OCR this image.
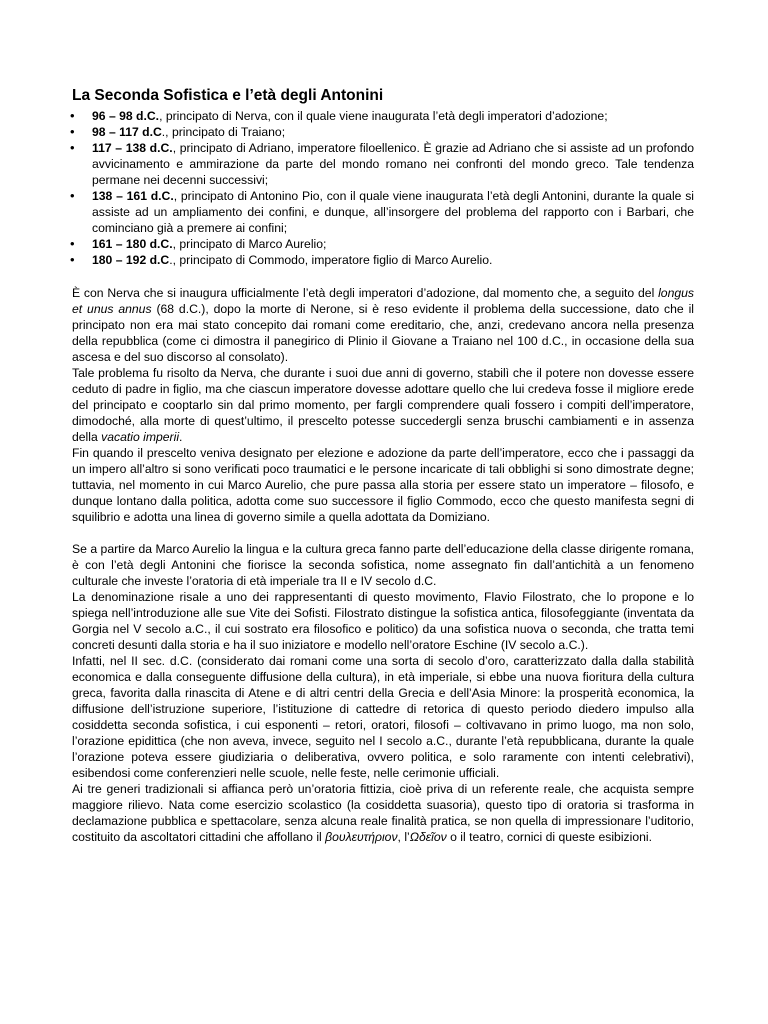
La Seconda Sofistica e l’età degli Antonini
• 96 – 98 d.C., principato di Nerva, con il quale viene inaugurata l’età degli imperatori d’adozione;
• 98 – 117 d.C., principato di Traiano;
• 117 – 138 d.C., principato di Adriano, imperatore filoellenico. È grazie ad Adriano che si assiste ad un profondo avvicinamento e ammirazione da parte del mondo romano nei confronti del mondo greco. Tale tendenza permane nei decenni successivi;
• 138 – 161 d.C., principato di Antonino Pio, con il quale viene inaugurata l’età degli Antonini, durante la quale si assiste ad un ampliamento dei confini, e dunque, all’insorgere del problema del rapporto con i Barbari, che cominciano già a premere ai confini;
• 161 – 180 d.C., principato di Marco Aurelio;
• 180 – 192 d.C., principato di Commodo, imperatore figlio di Marco Aurelio.

È con Nerva che si inaugura ufficialmente l’età degli imperatori d’adozione, dal momento che, a seguito del longus et unus annus (68 d.C.), dopo la morte di Nerone, si è reso evidente il problema della successione, dato che il principato non era mai stato concepito dai romani come ereditario, che, anzi, credevano ancora nella presenza della repubblica (come ci dimostra il panegirico di Plinio il Giovane a Traiano nel 100 d.C., in occasione della sua ascesa e del suo discorso al consolato).

Tale problema fu risolto da Nerva, che durante i suoi due anni di governo, stabilì che il potere non dovesse essere ceduto di padre in figlio, ma che ciascun imperatore dovesse adottare quello che lui credeva fosse il migliore erede del principato e cooptarlo sin dal primo momento, per fargli comprendere quali fossero i compiti dell’imperatore, dimodoché, alla morte di quest’ultimo, il prescelto potesse succedergli senza bruschi cambiamenti e in assenza della vacatio imperii.

Fin quando il prescelto veniva designato per elezione e adozione da parte dell’imperatore, ecco che i passaggi da un impero all’altro si sono verificati poco traumatici e le persone incaricate di tali obblighi si sono dimostrate degne; tuttavia, nel momento in cui Marco Aurelio, che pure passa alla storia per essere stato un imperatore – filosofo, e dunque lontano dalla politica, adotta come suo successore il figlio Commodo, ecco che questo manifesta segni di squilibrio e adotta una linea di governo simile a quella adottata da Domiziano.

Se a partire da Marco Aurelio la lingua e la cultura greca fanno parte dell’educazione della classe dirigente romana, è con l’età degli Antonini che fiorisce la seconda sofistica, nome assegnato fin dall’antichità a un fenomeno culturale che investe l’oratoria di età imperiale tra II e IV secolo d.C.

La denominazione risale a uno dei rappresentanti di questo movimento, Flavio Filostrato, che lo propone e lo spiega nell’introduzione alle sue Vite dei Sofisti. Filostrato distingue la sofistica antica, filosofeggiante (inventata da Gorgia nel V secolo a.C., il cui sostrato era filosofico e politico) da una sofistica nuova o seconda, che tratta temi concreti desunti dalla storia e ha il suo iniziatore e modello nell’oratore Eschine (IV secolo a.C.).

Infatti, nel II sec. d.C. (considerato dai romani come una sorta di secolo d’oro, caratterizzato dalla dalla stabilità economica e dalla conseguente diffusione della cultura), in età imperiale, si ebbe una nuova fioritura della cultura greca, favorita dalla rinascita di Atene e di altri centri della Grecia e dell’Asia Minore: la prosperità economica, la diffusione dell’istruzione superiore, l’istituzione di cattedre di retorica di questo periodo diedero impulso alla cosiddetta seconda sofistica, i cui esponenti – retori, oratori, filosofi – coltivavano in primo luogo, ma non solo, l’orazione epidittica (che non aveva, invece, seguito nel I secolo a.C., durante l’età repubblicana, durante la quale l’orazione poteva essere giudiziaria o deliberativa, ovvero politica, e solo raramente con intenti celebrativi), esibendosi come conferenzieri nelle scuole, nelle feste, nelle cerimonie ufficiali.

Ai tre generi tradizionali si affianca però un’oratoria fittizia, cioè priva di un referente reale, che acquista sempre maggiore rilievo. Nata come esercizio scolastico (la cosiddetta suasoria), questo tipo di oratoria si trasforma in declamazione pubblica e spettacolare, senza alcuna reale finalità pratica, se non quella di impressionare l’uditorio, costituito da ascoltatori cittadini che affollano il βουλευτήριον, l’Ωδεῖον o il teatro, cornici di queste esibizioni.
